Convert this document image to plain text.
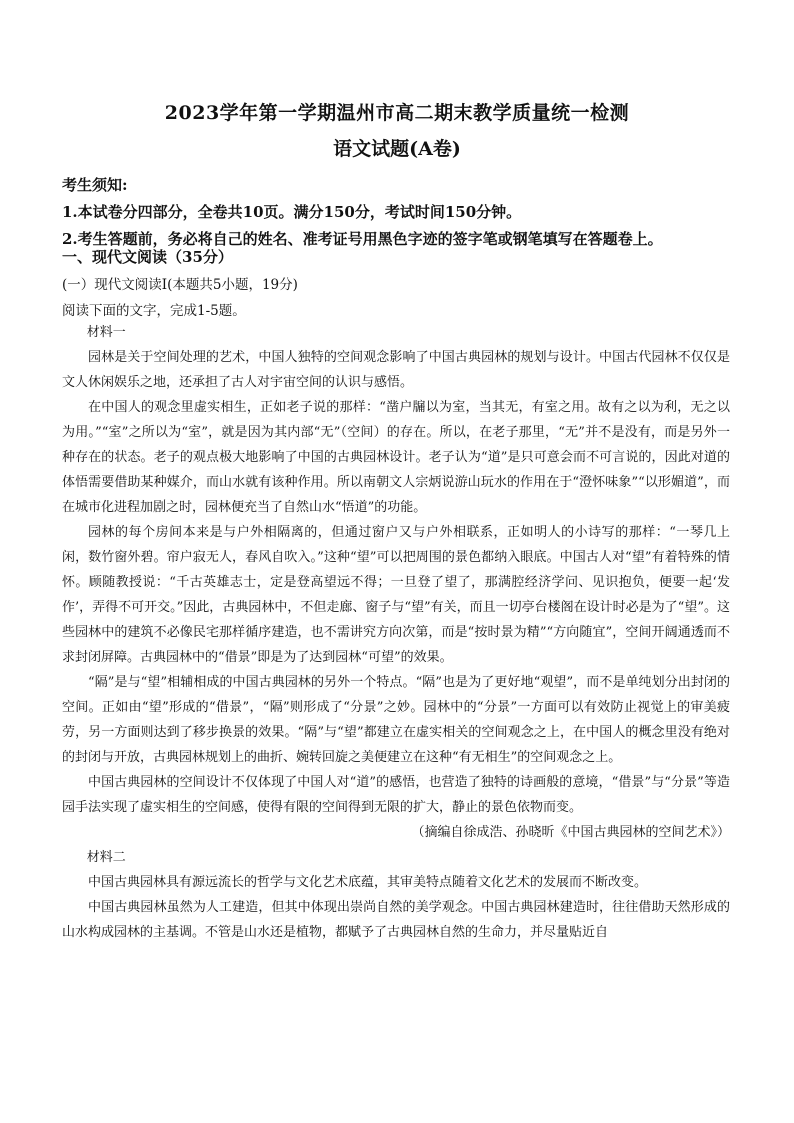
2023学年第一学期温州市高二期末教学质量统一检测
语文试题(A卷)
考生须知:
1.本试卷分四部分，全卷共10页。满分150分，考试时间150分钟。
2.考生答题前，务必将自己的姓名、准考证号用黑色字迹的签字笔或钢笔填写在答题卷上。
一、现代文阅读（35分）
(一）现代文阅读I(本题共5小题，19分)
阅读下面的文字，完成1-5题。

材料一

园林是关于空间处理的艺术，中国人独特的空间观念影响了中国古典园林的规划与设计。中国古代园林不仅仅是文人休闲娱乐之地，还承担了古人对宇宙空间的认识与感悟。

在中国人的观念里虚实相生，正如老子说的那样：“凿户牖以为室，当其无，有室之用。故有之以为利，无之以为用。”“室”之所以为“室”，就是因为其内部“无”（空间）的存在。所以，在老子那里，“无”并不是没有，而是另外一种存在的状态。老子的观点极大地影响了中国的古典园林设计。老子认为“道”是只可意会而不可言说的，因此对道的体悟需要借助某种媒介，而山水就有该种作用。所以南朝文人宗炳说游山玩水的作用在于“澄怀味象”“以形媚道”，而在城市化进程加剧之时，园林便充当了自然山水“悟道”的功能。

园林的每个房间本来是与户外相隔离的，但通过窗户又与户外相联系，正如明人的小诗写的那样：“一琴几上闲，数竹窗外碧。帘户寂无人，春风自吹入。”这种“望”可以把周围的景色都纳入眼底。中国古人对“望”有着特殊的情怀。顾随教授说：“千古英雄志士，定是登高望远不得；一旦登了望了，那满腔经济学问、见识抱负，便要一起‘发作’，弄得不可开交。”因此，古典园林中，不但走廊、窗子与“望”有关，而且一切亭台楼阁在设计时必是为了“望”。这些园林中的建筑不必像民宅那样循序建造，也不需讲究方向次第，而是“按时景为精”“方向随宜”，空间开阔通透而不求封闭屏障。古典园林中的“借景”即是为了达到园林“可望”的效果。

“隔”是与“望”相辅相成的中国古典园林的另外一个特点。“隔”也是为了更好地“观望”，而不是单纯划分出封闭的空间。正如由“望”形成的“借景”，“隔”则形成了“分景”之妙。园林中的“分景”一方面可以有效防止视觉上的审美疲劳，另一方面则达到了移步换景的效果。“隔”与“望”都建立在虚实相关的空间观念之上，在中国人的概念里没有绝对的封闭与开放，古典园林规划上的曲折、婉转回旋之美便建立在这种“有无相生”的空间观念之上。

中国古典园林的空间设计不仅体现了中国人对“道”的感悟，也营造了独特的诗画般的意境，“借景”与“分景”等造园手法实现了虚实相生的空间感，使得有限的空间得到无限的扩大，静止的景色依物而变。

（摘编自徐成浩、孙晓昕《中国古典园林的空间艺术》）

材料二

中国古典园林具有源远流长的哲学与文化艺术底蕴，其审美特点随着文化艺术的发展而不断改变。

中国古典园林虽然为人工建造，但其中体现出崇尚自然的美学观念。中国古典园林建造时，往往借助天然形成的山水构成园林的主基调。不管是山水还是植物，都赋予了古典园林自然的生命力，并尽量贴近自
